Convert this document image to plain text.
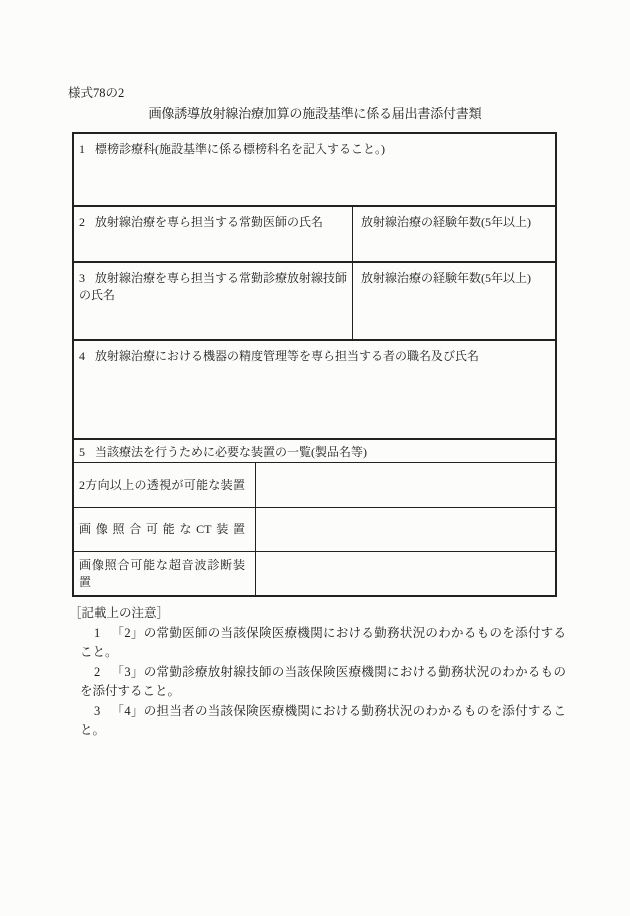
様式78の2
画像誘導放射線治療加算の施設基準に係る届出書添付書類
1 標榜診療科(施設基準に係る標榜科名を記入すること。)
2 放射線治療を専ら担当する常勤医師の氏名	放射線治療の経験年数(5年以上)
3 放射線治療を専ら担当する常勤診療放射線技師の氏名
放射線治療の経験年数(5年以上)
4 放射線治療における機器の精度管理等を専ら担当する者の職名及び氏名
5 当該療法を行うために必要な装置の一覧(製品名等)
2方向以上の透視が可能な装置
画像照合可能なCT装置
画像照合可能な超音波診断装置
［記載上の注意］
1 「2」の常勤医師の当該保険医療機関における勤務状況のわかるものを添付すること。
2 「3」の常勤診療放射線技師の当該保険医療機関における勤務状況のわかるものを添付すること。
3 「4」の担当者の当該保険医療機関における勤務状況のわかるものを添付すること。
